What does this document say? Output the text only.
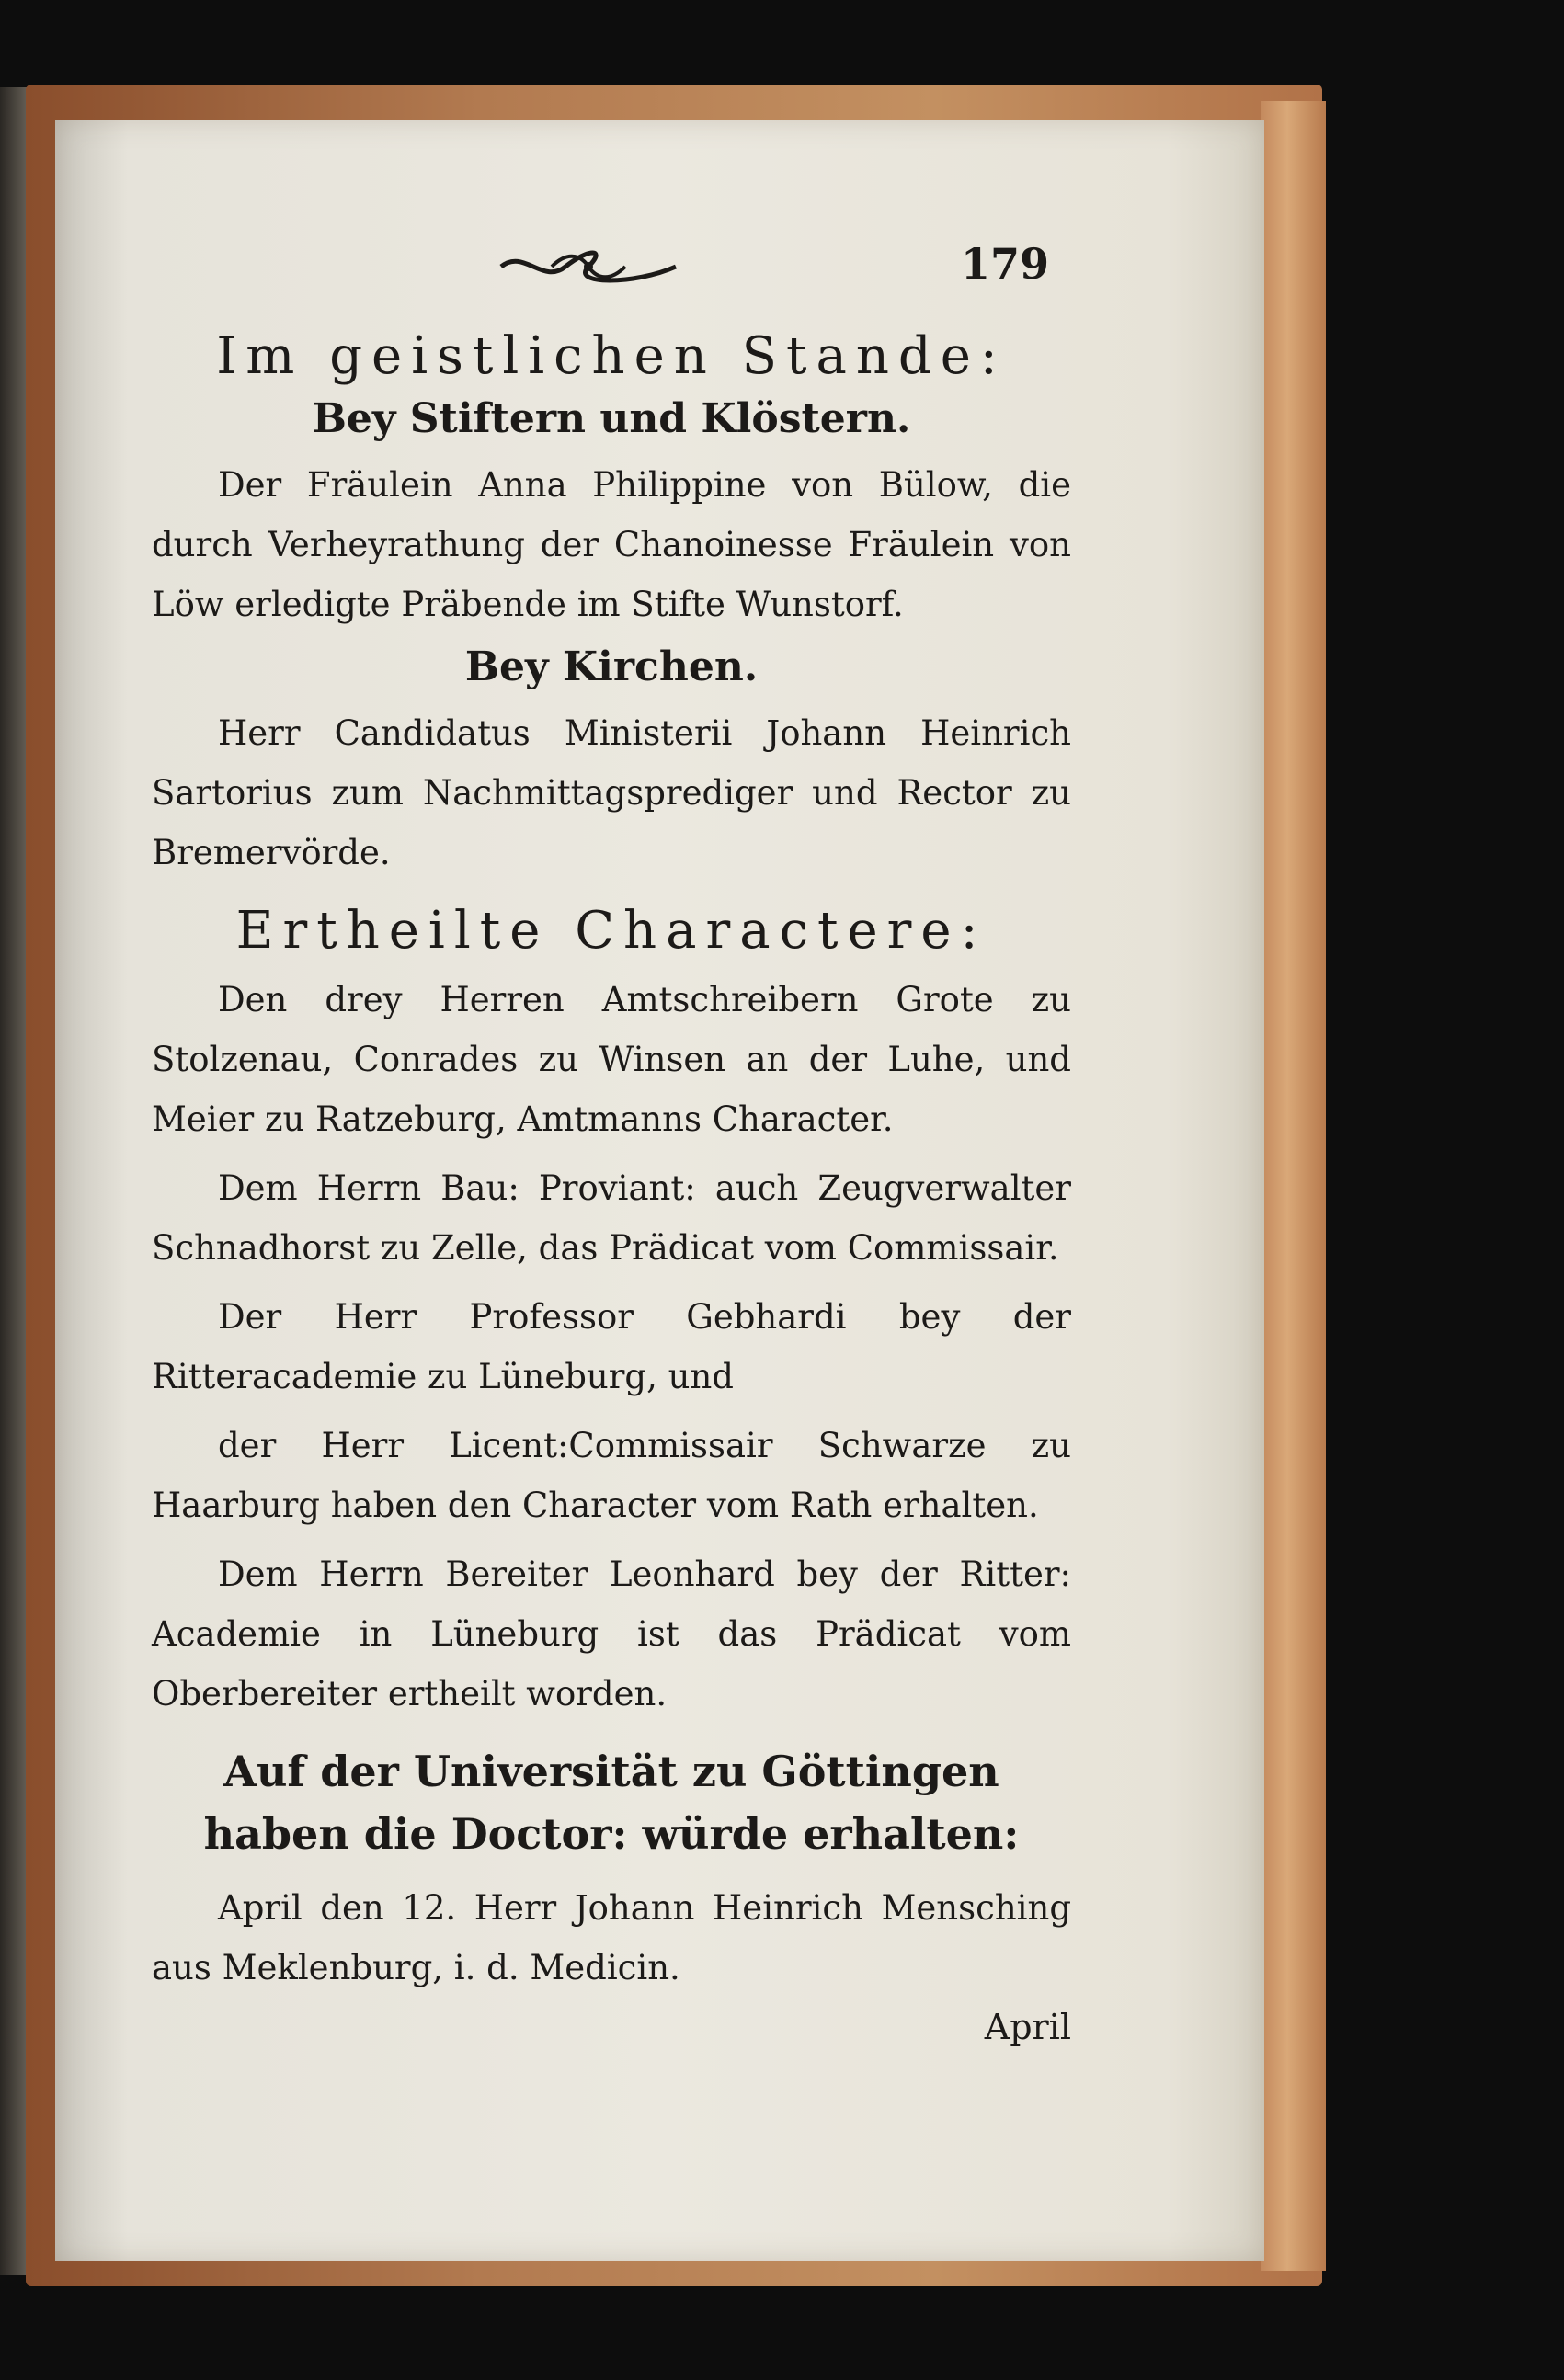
179
Im geistlichen Stande:
Bey Stiftern und Klöstern.

Der Fräulein Anna Philippine von Bülow, die durch Verheyrathung der Chanoinesse Fräulein von Löw erledigte Präbende im Stifte Wunstorf.

Bey Kirchen.

Herr Candidatus Ministerii Johann Heinrich Sartorius zum Nachmittagsprediger und Rector zu Bremervörde.

Ertheilte Charactere:

Den drey Herren Amtschreibern Grote zu Stolzenau, Conrades zu Winsen an der Luhe, und Meier zu Ratzeburg, Amtmanns Character.

Dem Herrn Bau: Proviant: auch Zeugverwalter Schnadhorst zu Zelle, das Prädicat vom Commissair.

Der Herr Professor Gebhardi bey der Ritteracademie zu Lüneburg, und

der Herr Licent:Commissair Schwarze zu Haarburg haben den Character vom Rath erhalten.

Dem Herrn Bereiter Leonhard bey der Ritter: Academie in Lüneburg ist das Prädicat vom Oberbereiter ertheilt worden.

Auf der Universität zu Göttingen haben die Doctor: würde erhalten:

April den 12. Herr Johann Heinrich Mensching aus Meklenburg, i. d. Medicin.

April
